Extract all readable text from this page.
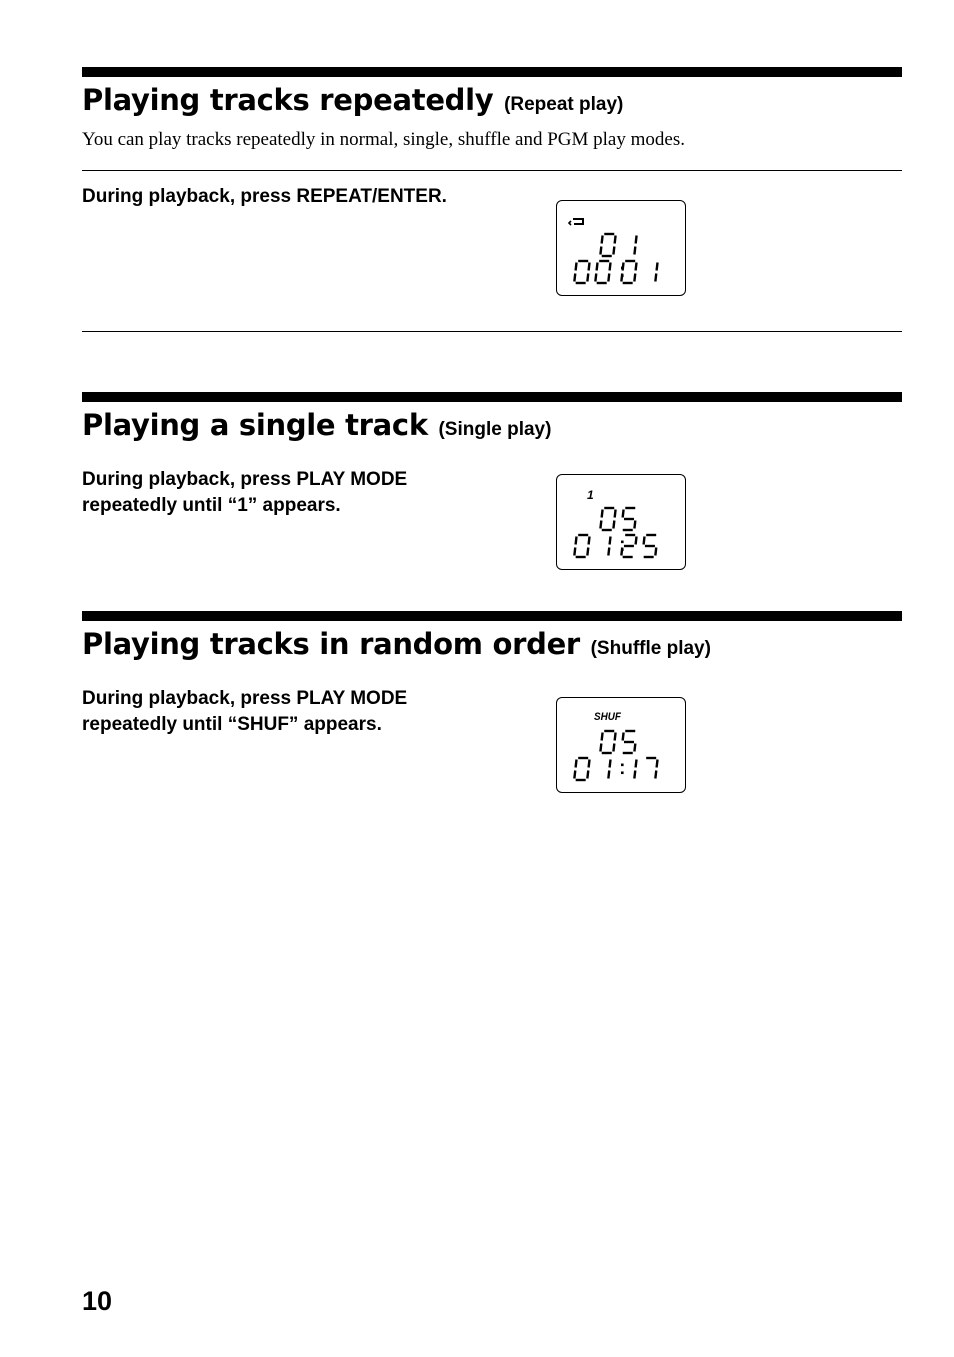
Playing tracks repeatedly (Repeat play)

You can play tracks repeatedly in normal, single, shuffle and PGM play modes.

During playback, press REPEAT/ENTER.

Playing a single track (Single play)

During playback, press PLAY MODE
repeatedly until “1” appears.	1
Playing tracks in random order (Shuffle play)

During playback, press PLAY MODE
repeatedly until “SHUF” appears.	SHUF

10
